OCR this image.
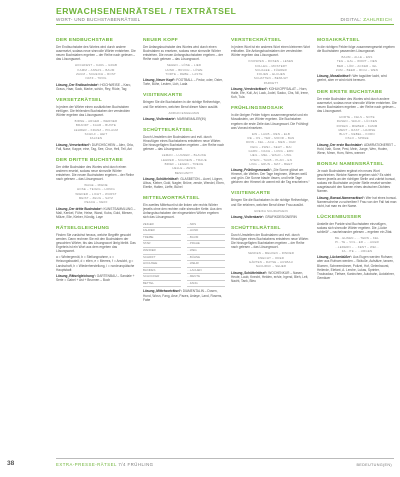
ERWACHSENENRÄTSEL / TEXTRÄTSEL
WORT- UND BUCHSTABENRÄTSEL	DIGITAL: ZAHLREICH
DER ENDBUCHSTABE
Der Endbuchstabe des Wortes wird durch andere ausersetzt, sodass neue sinnvolle Wörter entstehen. Die neuen Buchstaben ergeben – der Reihe nach gelesen – das Lösungswort.
HOCHFEST – KARL – GRAB
KAMM – ANNAS – BAUM
ZAUM – SCHEICH – ROST
NATZ – TROG
Lösung ‚Der Endbuchstabe‘: HOCHWEISE – Karo, Graus, Haar, Sack, Marke, schön, Rey, Rüde, Tag
VERSETZRÄTSEL
In jedem der Wörter einen zusätzlichen Buchstaben einfügen. Die fehlenden Buchstaben der versteckten Wörter ergeben das Lösungswort.
BIRNE – ARGER – WERNER
BRANDT – KAAR – BUNTE
LEHRER – KRANZ – PFLAUM
SCHILF – HEIT
FALKEN
Lösung ‚Versetzrätsel‘: DURCHSCHEIN – Alex, Orla, Fall, Nase, Kappe, eine, Tag, See, Chor, Hell, Teil, Ani
DER DRITTE BUCHSTABE
Der dritte Buchstabe des Wortes wird durch einen anderen ersetzt, sodass neue sinnvolle Wörter entstehen. Die neuen Buchstaben ergeben – der Reihe nach gelesen – das Lösungswort.
WAGE – MIENE
HOSE – TEIGIG – HONIG
WIEDER – LICHT – WURST
MEIST – ZEUG – SATZ
PEACH – NEFF
Lösung ‚Der dritte Buchstabe‘: KUNSTSAMMLUNG – Mali, Kenkel, Fühe, Heise, Wand, Kuba, Gold, Miesen, Mütze, Eile, Kleber, Kündig, Laye
RÄTSELGLEICHUNG
Finden Sie zunächst heraus, welche Begriffe gesucht werden. Dann rechnen Sie mit den Buchstaben der gesuchten Wörter, bis das Lösungswort übrig bleibt. Das Ergebnis ist ein Wort aus dem ergeben das Lösungswort.
a = Wintergemüt, b = Stellungnahme, c = Heizungsbauteil, d = eilen, e = Meeres, f = Ansicht, g = Landschaft, h = Wiederherstellung, i = nordeuropäische Hauptstadt
Lösung ‚Rätselgleichung‘: GARTENBAU – Sandale + Serie = Gabel + Ast + Brunnen – Buch
NEUER KOPF
Der Anfangsbuchstabe des Wortes wird durch einen Buchstaben zu ersetzen, sodass neue sinnvolle Wörter entstehen. Die neuen Anfangsbuchstaben ergeben – der Reihe nach gelesen – das Lösungswort.
SEHEN – LÖSE – LIED
HUND – BRUCH – LÖWE
TORTE – REBE – LASTE
Lösung ‚Neuer Kopf‘: FOOTBALL – Fedor, oder, Oster, Torte, Bühe, Leuten, Lich, Lada
VISITENKARTE
Bringen Sie die Buchstaben in die richtige Reihenfolge, und Sie erfahren, welchen Beruf dieser Mann ausübt.
ADRIAN ENGELMAN
Lösung ‚Visitenkarte‘: MARINEMALER(IN)
SCHÜTTELRÄTSEL
Durch Umstellen der Buchstaben und evtl. durch Hinzufügen eines Buchstabens entstehen neue Wörter. Die hinzugefügten Buchstaben ergeben – der Reihe nach gelesen – das Lösungswort.
LEMAN – LUGNER – BLAUKE
LEHRER – SCHNEIN – TRAUE
BRIEF – LEGEN – TREUE
HELLE – ZESIS
BESCHNITT
Lösung ‚Schüttelrätsel‘: GLASBETON – Aurel, Lügner, Albus, Kleber, Gold, Nagler, Brüne, zende, Wendel, Eben, Eiertle, Halten, Lieffe, Bühel
MITTELWORTRÄTSEL
Ein zweites Mittelwort ist die linken wie rechts Wörter jeweils ohne den rechten volle sinnvoller Kette. Aus den Anfangsbuchstaben der eingesetzten Wörter ergeben sich das Lösungswort.
ZEIGER	…NDS
FAHRER	…HUND
TREIBE	…BAUM
STAR	…PRAHE
WANDER	…WEG
SCHRIFT	…BÜHNE
HOCHSEE	…WEHR
BLINDES	…LACHEN
SCHOCKER	…MENTE
BETTEL	…FANG
Lösung ‚Mittelworträtsel‘: DIAMENTALIN – Dosen, Hund, Wosn, Fang, Arse, Paces, Antaye, Land, Rosens, Fabe
VERSTECKRÄTSEL
In jedem Wort ist ein anderes Wort einen kleineren Wort enthalten. Die Anfangsbuchstaben der versteckten Wörter ergeben das Lösungswort.
KNOSPEN – ROSEN – LESEN
KOLLEG – MOSTERT
SCHALEE – FÜHRER
FOLIEN – ELCHEN
SCHATTEN – BEMUHT
PARKETT
Lösung ‚Versteckrätsel‘: KOHLKOPFSALAT – Horn, Halle, Efe, Koli, Ari, Lack, Jodel, Sacko, Chs, Nil, Irene, Kuh, Tula
FRÜHLINGSMOSAIK
In die übrigen Felder folgen zusammengesetzt und ein Mosaikstein, um Wörter ergeben. Die Buchstaben ergeben die erste Zeile das Lösungswort. Die Frühling! was Vorrast einsetzen.
EIN – LAUB – REN – ELB
RE – OS – TER – MOOR – BAN
DRIN – KEL – ACH – MEN – OHR
FEIG – ZWEI – SEHT – MAI
GARN – NACH – LUNG – ERN
HEIL – MEL – WALD – UNG
STEIN – TAUB – PLAN – EN
LING – GRUN – MAT – BEET
Lösung ‚Frühlingsmosaik‘: „Die Sonne glänzt am Himmel, die Wellen. Der Tage beginnen, Wiesen weiß und grün. Die Sonne blaute Vasen, und helle Tage gleichen den Himmel dir warmt mit die Tag erscheinen.“
VISITENKARTE
Bringen Sie die Buchstaben in die richtige Reihenfolge, und Sie erfahren, welchen Beruf diese Frau ausübt.
GREIKA SCHRAPHEIN
Lösung ‚Visitenkarte‘: GRAFIKDESIGNERIN
SCHÜTTELRÄTSEL
Durch Umstellen der Buchstaben und evtl. durch Hinzufügen eines Buchstabens entstehen neue Wörter. Die hinzugefügten Buchstaben ergeben – der Reihe nach gelesen – das Lösungswort.
SENKEN – MELKEN – RINDER
KNECHT – ODER
GÄRTEN – RATSE – AUSBAU
NACHRUF – SEHER
Lösung ‚Schüttelrätsel‘: WOCHENKUR – Nasen, Heute, Laub, Knecht, Heiden, er/sie, Irgend, Bleh, Leit, Nacht, Tank, Bleu
MOSAIKRÄTSEL
In die richtigen Felder folge zusammengesetzt ergeben die Buchstaben passenden Lösungswort.
BAUM – ALLE – ENS
TEG – HAL – WORT – NEN
BER – LÖR – ACKER – IEL
ZUM – BEER – RICH – WEN
Lösung ‚Mosaikrätsel‘: Wer tagsüber lacht, wird geehrt, aber er wird nicht bereuen.
DER ERSTE BUCHSTABE
Der erste Buchstabe des Wortes wird durch andere ausersetzt, sodass neue sinnvolle Wörter entstehen. Die neuen Buchstaben ergeben – der Reihe nach gelesen – das Lösungswort.
HORTE – FELS – NOTE
RASEN – WALD – LÜCKEN
ROSEN – MIEBER – KAMM
MENT – RAST – HAIRSE
BLUT – NEBEL – KORN
OSLO – SPREE
Lösung ‚Der erste Buchstabe‘: ADMIRATIONEREIT – Hold, Nah, Sone, Pest, Mein, Junge, Wen, Hoden, Wenn, Mmm, Hom, Wers, wenner
BONSAI NAMENSRÄTSEL
Je nach Buchstaben ergänzt ein neues Wort geschrieben. Welche Namen ergeben sich? Es steht immer jeweils an der richtigen Stelle und zuletzt bonsai, sodass ein Buchstabe an jeder Stelle ersetzt werden ausgetauscht den Namen eines deutschen Dichters Namen.
Lösung ‚Bonsai-Namensrätsel‘: Wer hat eines bonsai-Namenscheine zu schreiben? Frau von der Fall hat man nicht, hat man es der Name.
LÜCKENBUSSER
Anstelle der Punkte sind Buchstaben einzufügen, sodass sich sinnvolle Wörter ergeben. Die „Lücke schließt“ – nacheinander gelesen – ergeben ein Zitat.
BE…EHNEN – …TERN – KEL
PI…TE – VOL…ER – …AUER
…LEDERN – …KENT – WEI…
FA…ITE – …URGEN
Lösung ‚Lückenbüßer‘: Aus Eugen werden Rufnam; aber aus Rufnam werden – Sträuße, Aufsätze, tanzen, Blumen, Schneemänner, Polizei, Hof, Gelenkwurst, Heilerde, Elefant, A. Lerche, Lukas, Sprinter, Troubadour, Tiefsee, Kaninchen, Autobahn, Autofahrer, Gemäuer
38	EXTRA-PRESSE-RÄTSEL 7/4 FRÜHLING	BEDEUTUNG(EN)
